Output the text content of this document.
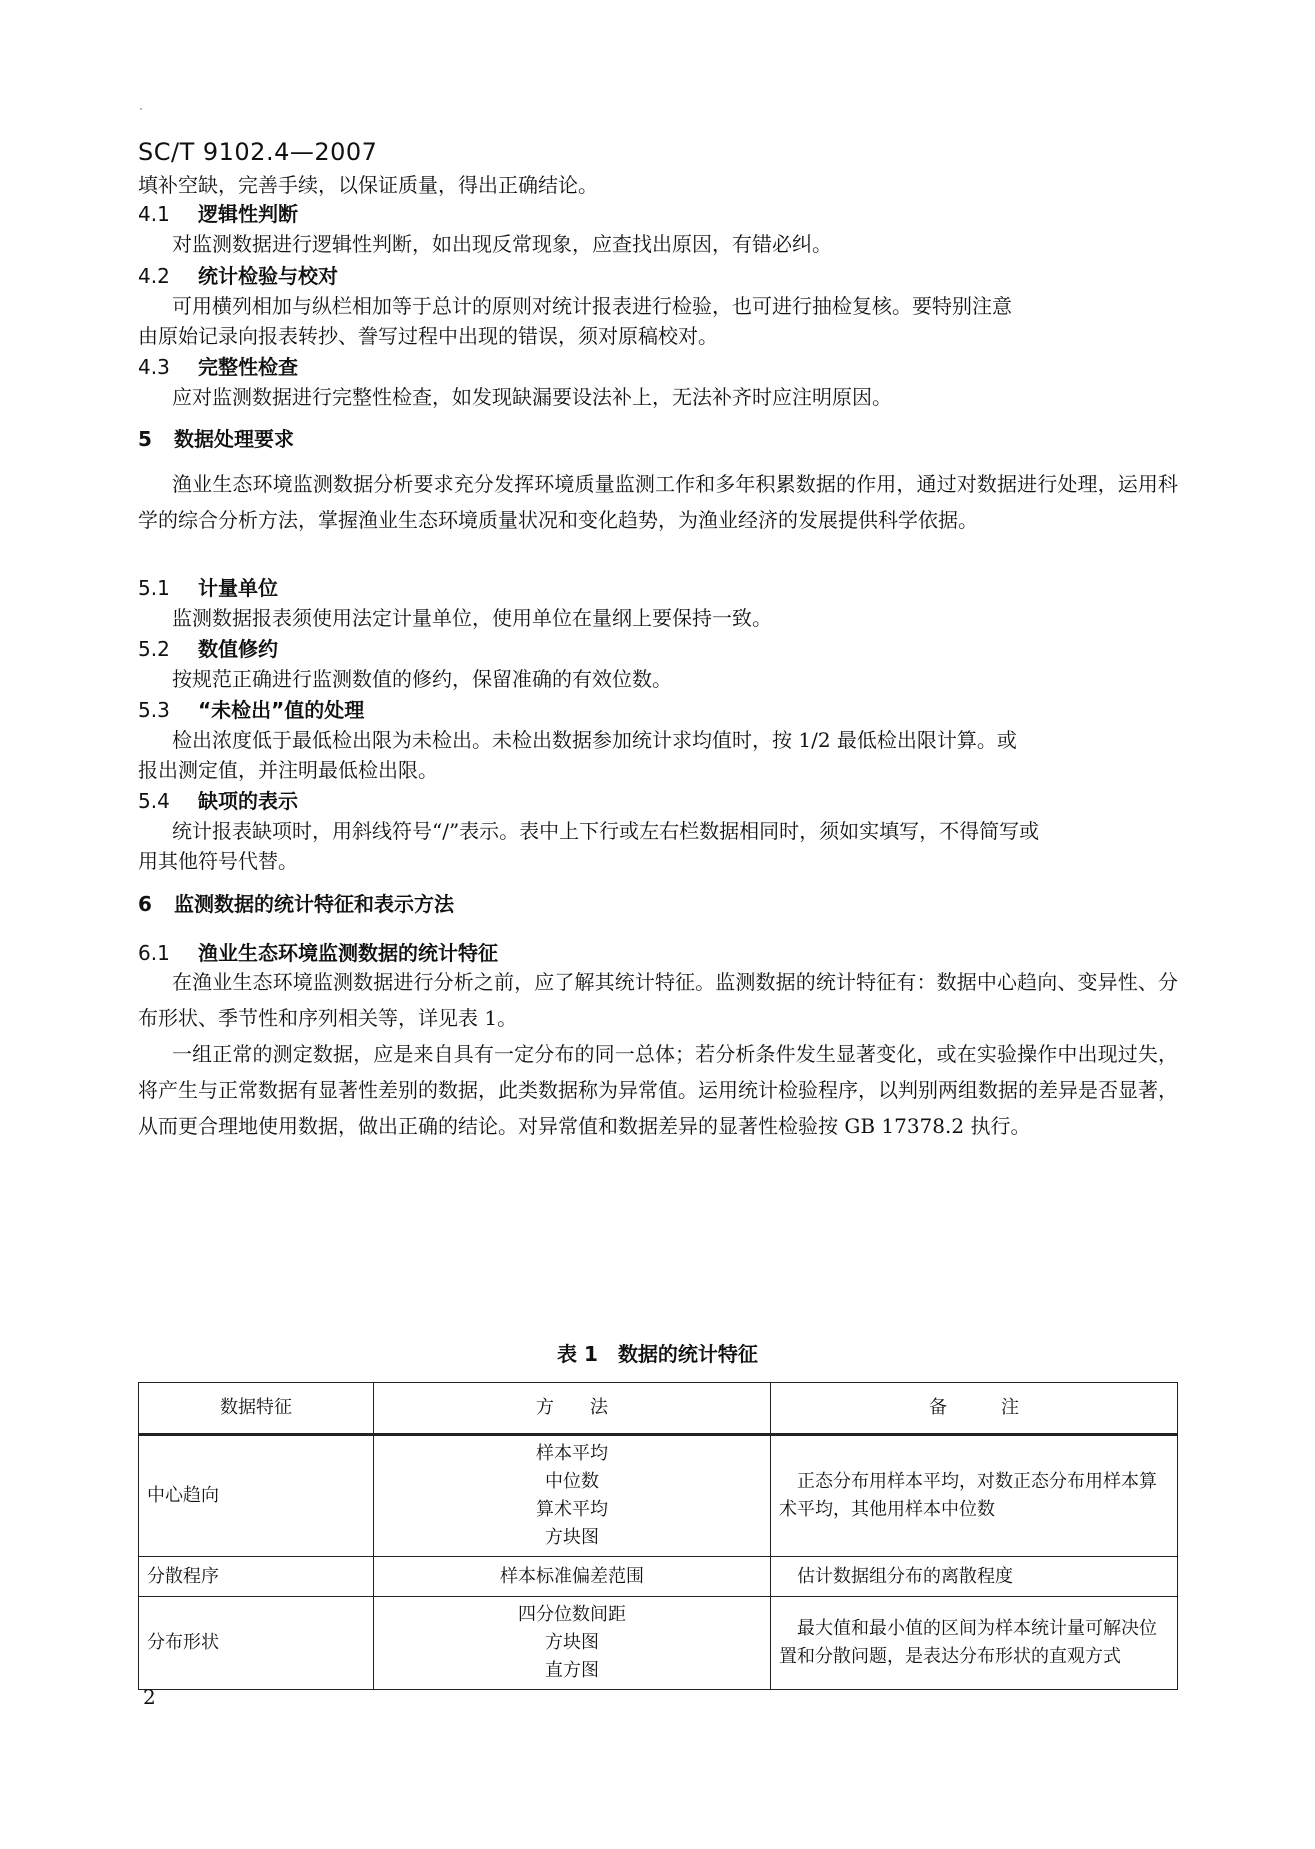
SC/T 9102.4—2007
填补空缺，完善手续，以保证质量，得出正确结论。
4.1 逻辑性判断
对监测数据进行逻辑性判断，如出现反常现象，应查找出原因，有错必纠。
4.2 统计检验与校对
可用横列相加与纵栏相加等于总计的原则对统计报表进行检验，也可进行抽检复核。要特别注意
由原始记录向报表转抄、誊写过程中出现的错误，须对原稿校对。
4.3 完整性检查
应对监测数据进行完整性检查，如发现缺漏要设法补上，无法补齐时应注明原因。
5 数据处理要求
渔业生态环境监测数据分析要求充分发挥环境质量监测工作和多年积累数据的作用，通过对数据进行处理，运用科学的综合分析方法，掌握渔业生态环境质量状况和变化趋势，为渔业经济的发展提供科学依据。
5.1 计量单位
监测数据报表须使用法定计量单位，使用单位在量纲上要保持一致。
5.2 数值修约
按规范正确进行监测数值的修约，保留准确的有效位数。
5.3 “未检出”值的处理
检出浓度低于最低检出限为未检出。未检出数据参加统计求均值时，按 1/2 最低检出限计算。或
报出测定值，并注明最低检出限。
5.4 缺项的表示
统计报表缺项时，用斜线符号“/”表示。表中上下行或左右栏数据相同时，须如实填写，不得简写或
用其他符号代替。
6 监测数据的统计特征和表示方法
6.1 渔业生态环境监测数据的统计特征
在渔业生态环境监测数据进行分析之前，应了解其统计特征。监测数据的统计特征有：数据中心趋向、变异性、分布形状、季节性和序列相关等，详见表 1。
一组正常的测定数据，应是来自具有一定分布的同一总体；若分析条件发生显著变化，或在实验操作中出现过失，将产生与正常数据有显著性差别的数据，此类数据称为异常值。运用统计检验程序，以判别两组数据的差异是否显著，从而更合理地使用数据，做出正确的结论。对异常值和数据差异的显著性检验按 GB 17378.2 执行。
表 1 数据的统计特征
数据特征	方　　法	备　　　注
中心趋向	样本平均
中位数
算术平均
方块图	　正态分布用样本平均，对数正态分布用样本算术平均，其他用样本中位数
分散程序	样本标准偏差范围	　估计数据组分布的离散程度
分布形状	四分位数间距
方块图
直方图	　最大值和最小值的区间为样本统计量可解决位置和分散问题，是表达分布形状的直观方式
2
